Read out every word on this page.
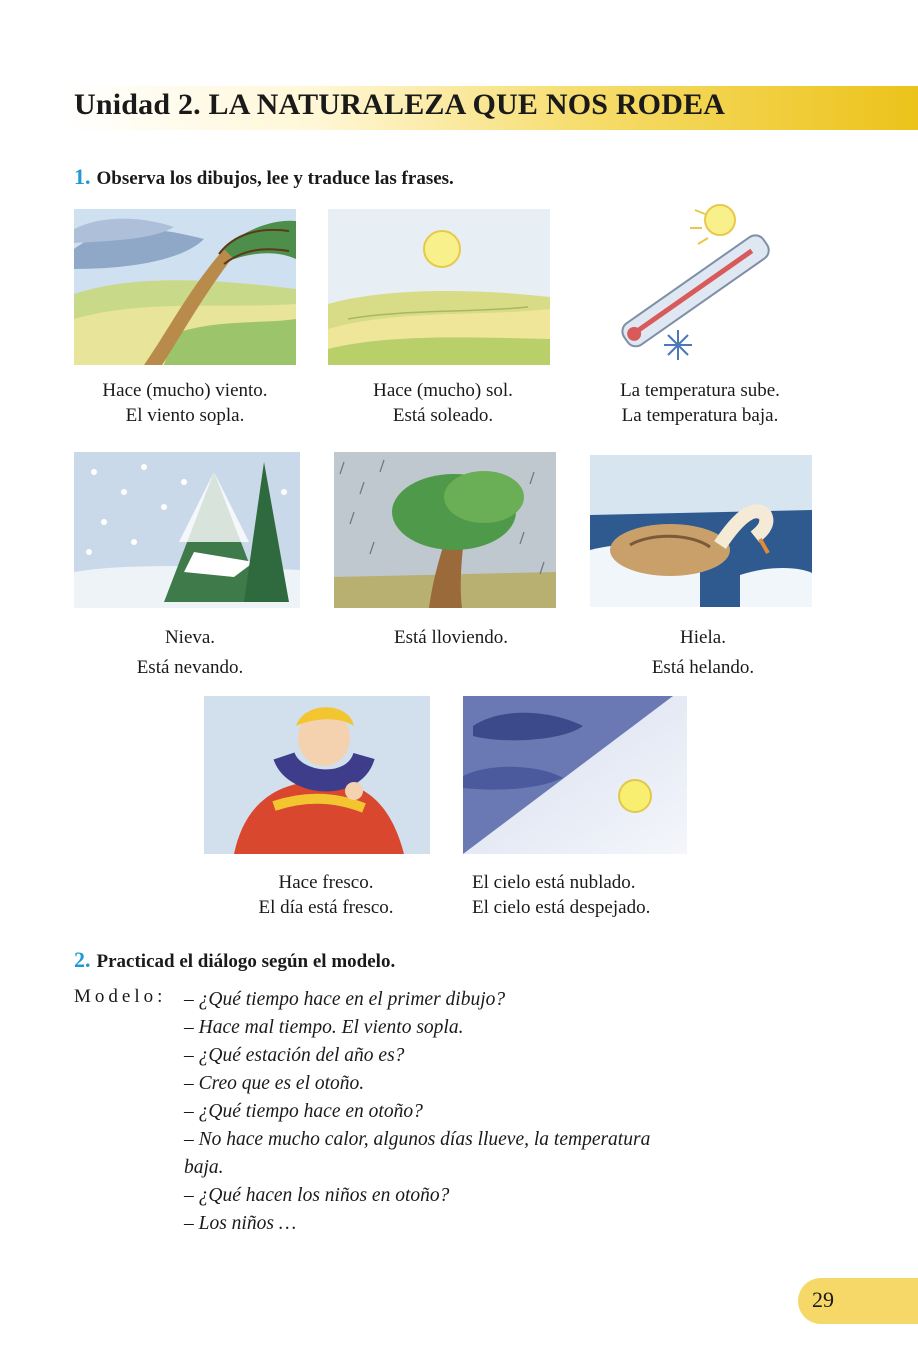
Unidad 2. LA NATURALEZA QUE NOS RODEA
1. Observa los dibujos, lee y traduce las frases.
Hace (mucho) viento.
El viento sopla.
Hace (mucho) sol.
Está soleado.
La temperatura sube.
La temperatura baja.
Nieva.
Está nevando.
Está lloviendo.	Hiela.
Está helando.
Hace fresco.
El día está fresco.
El cielo está nublado.
El cielo está despejado.
2. Practicad el diálogo según el modelo.
Modelo: – ¿Qué tiempo hace en el primer dibujo?
– Hace mal tiempo. El viento sopla.
– ¿Qué estación del año es?
– Creo que es el otoño.
– ¿Qué tiempo hace en otoño?
– No hace mucho calor, algunos días llueve, la temperatura
baja.
– ¿Qué hacen los niños en otoño?
– Los niños …
29
